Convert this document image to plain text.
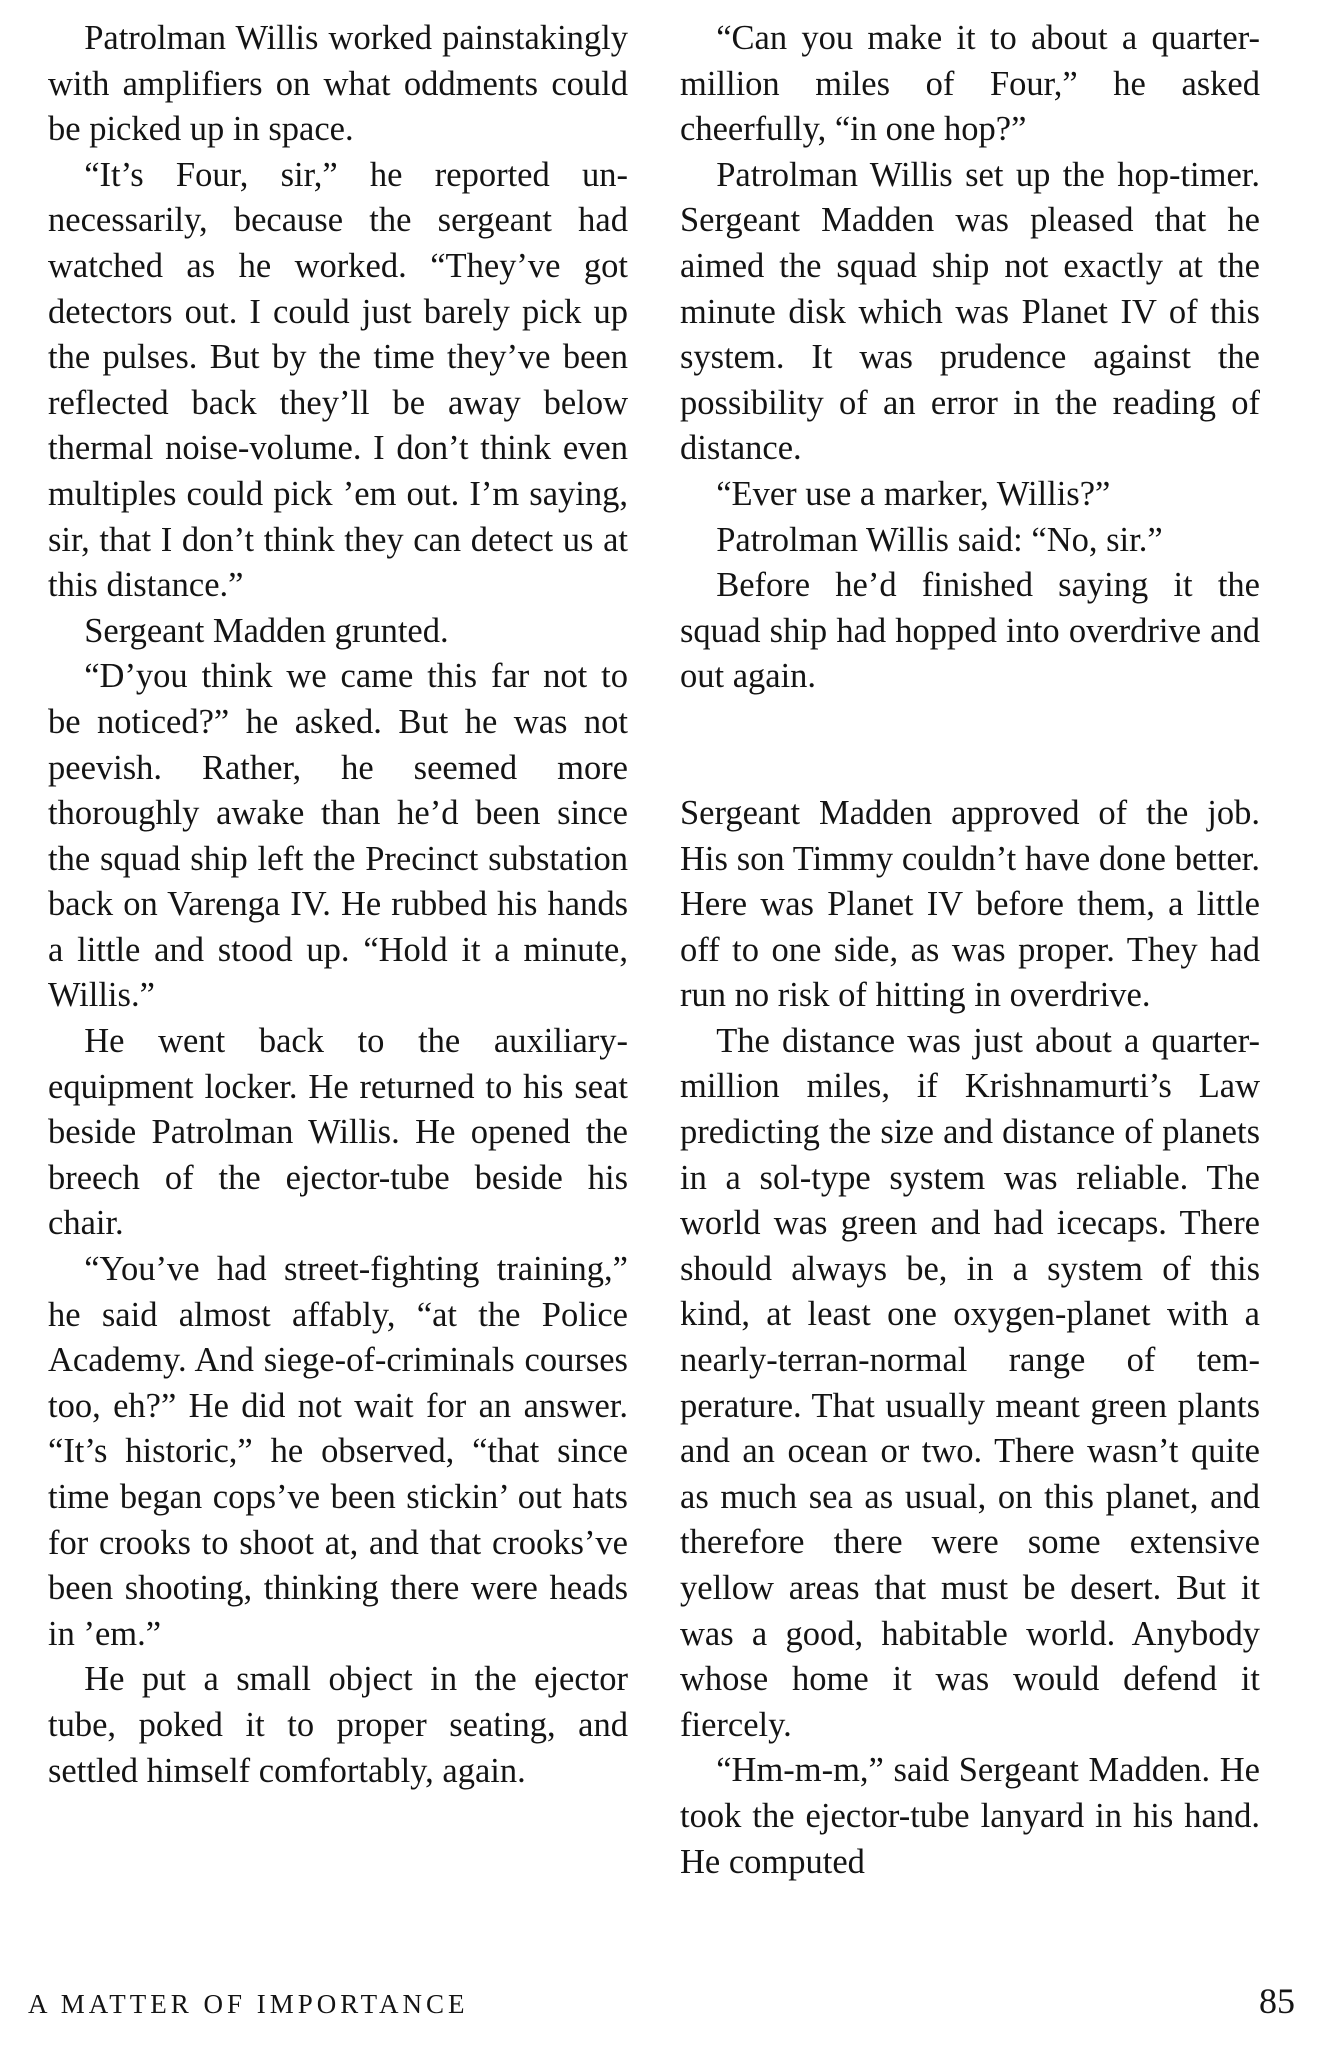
Patrolman Willis worked painstakingly with amplifiers on what oddments could be picked up in space.

“It’s Four, sir,” he reported unnecessarily, because the sergeant had watched as he worked. “They’ve got detectors out. I could just barely pick up the pulses. But by the time they’ve been reflected back they’ll be away below thermal noise-volume. I don’t think even multiples could pick ’em out. I’m saying, sir, that I don’t think they can detect us at this distance.”

Sergeant Madden grunted.

“D’you think we came this far not to be noticed?” he asked. But he was not peevish. Rather, he seemed more thoroughly awake than he’d been since the squad ship left the Precinct substation back on Varenga IV. He rubbed his hands a little and stood up. “Hold it a minute, Willis.”

He went back to the auxiliary-equipment locker. He returned to his seat beside Patrolman Willis. He opened the breech of the ejector-tube beside his chair.

“You’ve had street-fighting training,” he said almost affably, “at the Police Academy. And siege-of-criminals courses too, eh?” He did not wait for an answer. “It’s historic,” he observed, “that since time began cops’ve been stickin’ out hats for crooks to shoot at, and that crooks’ve been shooting, thinking there were heads in ’em.”

He put a small object in the ejector tube, poked it to proper seating, and settled himself comfortably, again.

“Can you make it to about a quarter-million miles of Four,” he asked cheerfully, “in one hop?”

Patrolman Willis set up the hop-timer. Sergeant Madden was pleased that he aimed the squad ship not exactly at the minute disk which was Planet IV of this system. It was prudence against the possibility of an error in the reading of distance.

“Ever use a marker, Willis?”

Patrolman Willis said: “No, sir.”

Before he’d finished saying it the squad ship had hopped into overdrive and out again.

Sergeant Madden approved of the job. His son Timmy couldn’t have done better. Here was Planet IV before them, a little off to one side, as was proper. They had run no risk of hitting in overdrive.

The distance was just about a quarter-million miles, if Krishnamurti’s Law predicting the size and distance of planets in a sol-type system was reliable. The world was green and had icecaps. There should always be, in a system of this kind, at least one oxygen-planet with a nearly-terran-normal range of temperature. That usually meant green plants and an ocean or two. There wasn’t quite as much sea as usual, on this planet, and therefore there were some extensive yellow areas that must be desert. But it was a good, habitable world. Anybody whose home it was would defend it fiercely.

“Hm-m-m,” said Sergeant Madden. He took the ejector-tube lanyard in his hand. He computed

A MATTER OF IMPORTANCE	85
